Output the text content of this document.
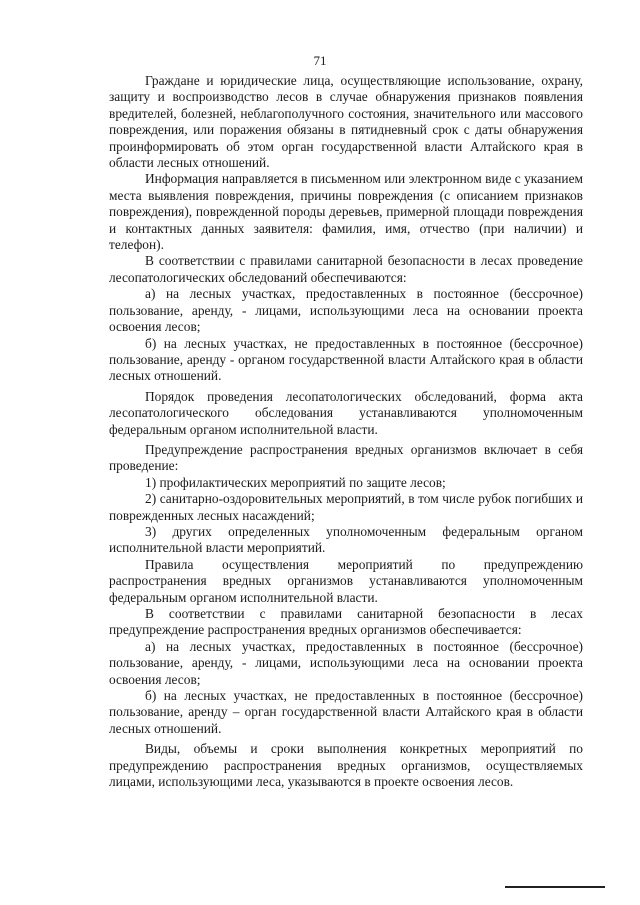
71

Граждане и юридические лица, осуществляющие использование, охрану, защиту и воспроизводство лесов в случае обнаружения признаков появления вредителей, болезней, неблагополучного состояния, значительного или массового повреждения, или поражения обязаны в пятидневный срок с даты обнаружения проинформировать об этом орган государственной власти Алтайского края в области лесных отношений.

Информация направляется в письменном или электронном виде с указанием места выявления повреждения, причины повреждения (с описанием признаков повреждения), поврежденной породы деревьев, примерной площади повреждения и контактных данных заявителя: фамилия, имя, отчество (при наличии) и телефон).

В соответствии с правилами санитарной безопасности в лесах проведение лесопатологических обследований обеспечиваются:

а) на лесных участках, предоставленных в постоянное (бессрочное) пользование, аренду, - лицами, использующими леса на основании проекта освоения лесов;

б) на лесных участках, не предоставленных в постоянное (бессрочное) пользование, аренду - органом государственной власти Алтайского края в области лесных отношений.

Порядок проведения лесопатологических обследований, форма акта лесопатологического обследования устанавливаются уполномоченным федеральным органом исполнительной власти.

Предупреждение распространения вредных организмов включает в себя проведение:

1) профилактических мероприятий по защите лесов;

2) санитарно-оздоровительных мероприятий, в том числе рубок погибших и поврежденных лесных насаждений;

3) других определенных уполномоченным федеральным органом исполнительной власти мероприятий.

Правила осуществления мероприятий по предупреждению распространения вредных организмов устанавливаются уполномоченным федеральным органом исполнительной власти.

В соответствии с правилами санитарной безопасности в лесах предупреждение распространения вредных организмов обеспечивается:

а) на лесных участках, предоставленных в постоянное (бессрочное) пользование, аренду, - лицами, использующими леса на основании проекта освоения лесов;

б) на лесных участках, не предоставленных в постоянное (бессрочное) пользование, аренду – орган государственной власти Алтайского края в области лесных отношений.

Виды, объемы и сроки выполнения конкретных мероприятий по предупреждению распространения вредных организмов, осуществляемых лицами, использующими леса, указываются в проекте освоения лесов.
